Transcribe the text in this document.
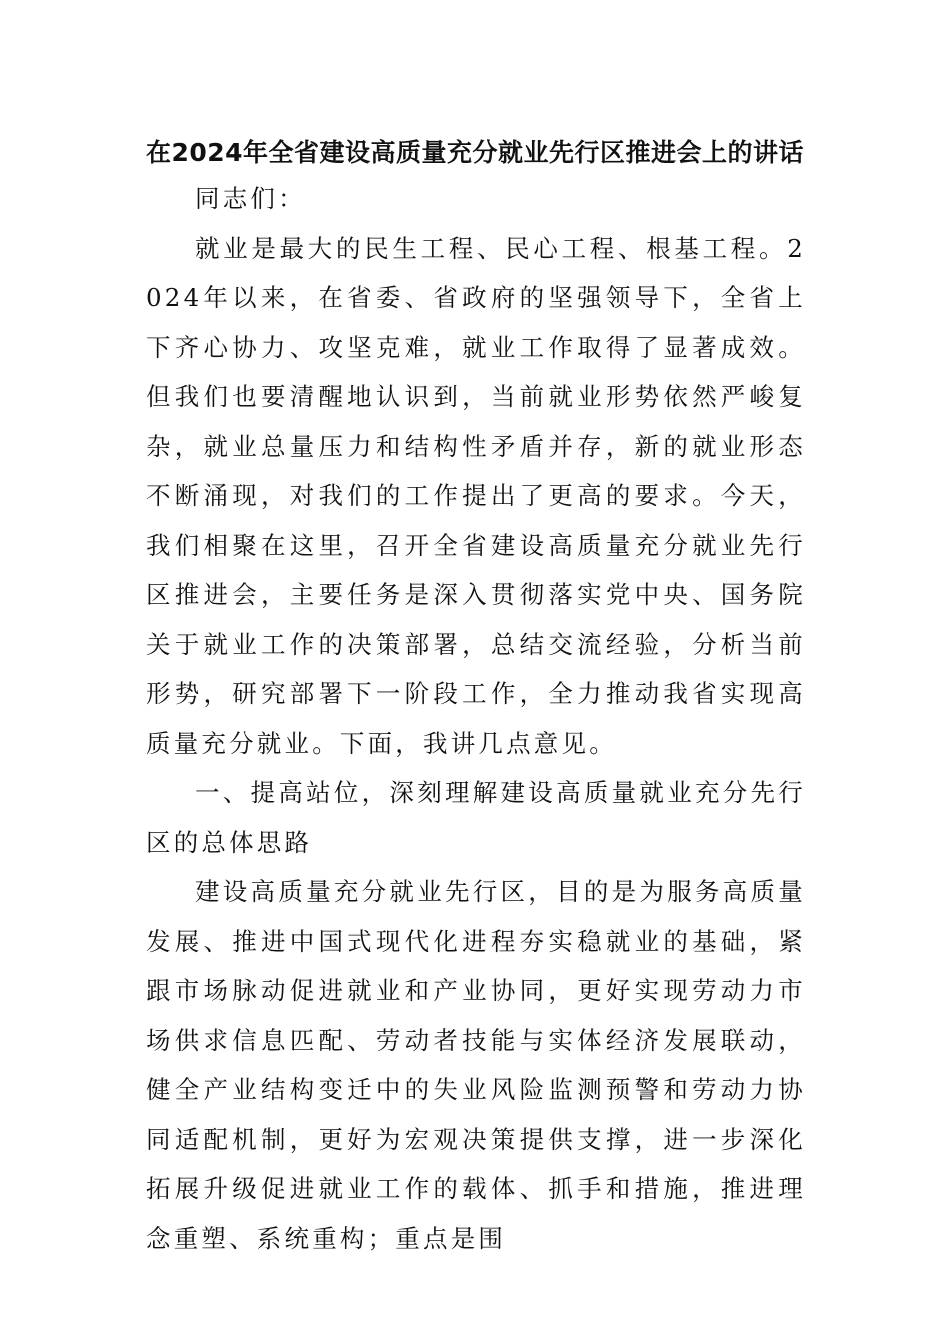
在2024年全省建设高质量充分就业先行区推进会上的讲话

同志们：

就业是最大的民生工程、民心工程、根基工程。2024年以来，在省委、省政府的坚强领导下，全省上下齐心协力、攻坚克难，就业工作取得了显著成效。但我们也要清醒地认识到，当前就业形势依然严峻复杂，就业总量压力和结构性矛盾并存，新的就业形态不断涌现，对我们的工作提出了更高的要求。今天，我们相聚在这里，召开全省建设高质量充分就业先行区推进会，主要任务是深入贯彻落实党中央、国务院关于就业工作的决策部署，总结交流经验，分析当前形势，研究部署下一阶段工作，全力推动我省实现高质量充分就业。下面，我讲几点意见。

一、提高站位，深刻理解建设高质量就业充分先行区的总体思路

建设高质量充分就业先行区，目的是为服务高质量发展、推进中国式现代化进程夯实稳就业的基础，紧跟市场脉动促进就业和产业协同，更好实现劳动力市场供求信息匹配、劳动者技能与实体经济发展联动，健全产业结构变迁中的失业风险监测预警和劳动力协同适配机制，更好为宏观决策提供支撑，进一步深化拓展升级促进就业工作的载体、抓手和措施，推进理念重塑、系统重构；重点是围
